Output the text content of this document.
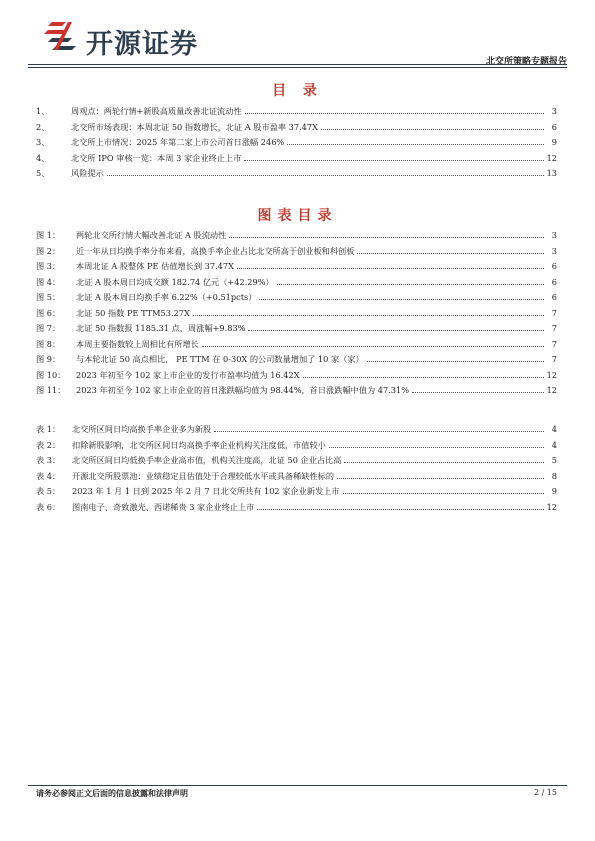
开源证券
北交所策略专题报告
目 录
1、	周观点：两轮行情+新股高质量改善北证流动性	3
2、	北交所市场表现：本周北证 50 指数增长，北证 A 股市盈率 37.47X	6
3、	北交所上市情况：2025 年第二家上市公司首日涨幅 246%	9
4、	北交所 IPO 审核一览：本周 3 家企业终止上市	12
5、	风险提示	13
图表目录
图 1：	两轮北交所行情大幅改善北证 A 股流动性	3
图 2：	近一年从日均换手率分布来看，高换手率企业占比北交所高于创业板和科创板	3
图 3：	本周北证 A 股整体 PE 估值增长到 37.47X	6
图 4：	北证 A 股本周日均成交额 182.74 亿元（+42.29%）	6
图 5：	北证 A 股本周日均换手率 6.22%（+0.51pcts）	6
图 6：	北证 50 指数 PE TTM53.27X	7
图 7：	北证 50 指数报 1185.31 点，周涨幅+9.83%	7
图 8：	本周主要指数较上周相比有所增长	7
图 9：	与本轮北证 50 高点相比， PE TTM 在 0-30X 的公司数量增加了 10 家（家）	7
图 10：	2023 年初至今 102 家上市企业的发行市盈率均值为 16.42X	12
图 11：	2023 年初至今 102 家上市企业的首日涨跌幅均值为 98.44%，首日涨跌幅中值为 47.31%	12
表 1：	北交所区间日均高换手率企业多为新股	4
表 2：	扣除新股影响，北交所区间日均高换手率企业机构关注度低，市值较小	4
表 3：	北交所区间日均低换手率企业高市值，机构关注度高，北证 50 企业占比高	5
表 4：	开源北交所股票池：业绩稳定且估值处于合理较低水平或具备稀缺性标的	8
表 5：	2023 年 1 月 1 日到 2025 年 2 月 7 日北交所共有 102 家企业新发上市	9
表 6：	图南电子、奇致激光、西诺稀贵 3 家企业终止上市	12
请务必参阅正文后面的信息披露和法律声明	2 / 15
